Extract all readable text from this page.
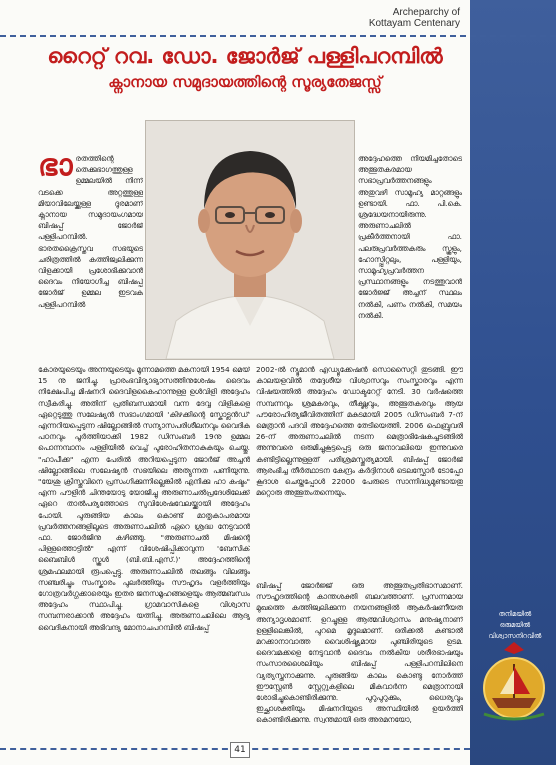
Archeparchy of
Kottayam Centenary
റൈറ്റ് റവ. ഡോ. ജോർജ് പള്ളിപറമ്പിൽ
ക്നാനായ സമുദായത്തിന്റെ സൂര്യതേജസ്സ്
ഭാരതത്തിന്റെ തെക്കുഭാഗത്തുള്ള ഉമ്മലയിൽ നിന്ന് വടക്കെ അറ്റത്തുള്ള മിയാവിലേയ്ക്കുള്ള ദൂരമാണ് ക്നാനായ സമുദായംഗമായ ബിഷപ്പ് ജോർജ് പള്ളിപറമ്പിൽ. ഭാരതക്രൈസ്തവ സഭയുടെ ചരിത്രത്തിൽ കത്തിജ്വലിക്കുന്ന വിളക്കായി പ്രശോഭിക്കുവാൻ ദൈവം നിയോഗിച്ച ബിഷപ്പ് ജോർജ് ഉമ്മല ഇടവക പള്ളിപറമ്പിൽ

കോരയുടെയും അന്നയുടെയും മൂന്നാമത്തെ മകനായി 1954 മെയ് 15 നു ജനിച്ചു. പ്രാരംഭവിദ്യാഭ്യാസത്തിനുശേഷം ദൈവം നിക്ഷേപിച്ച മിഷനറി ദൈവിളകൈഹാന്നുള്ള ഉൾവിളി അദ്ദേഹം സ്വീകരിച്ചു. അതിന് പ്രതിബന്ധമായി വന്ന ദേവ്വ വിളികളെ ഏറ്റെടുത്തു സലേഷ്യൻ സഭാംഗമായി 'കിഴക്കിന്റെ സ്കോട്ലൻഡ്' എന്നറിയപ്പെടുന്ന ഷില്ലോങ്ങിൽ സന്യാസപരിശീലനവും വൈദിക പഠനവും പൂർത്തിയാക്കി 1982 ഡിസംബർ 19നു ഉമ്മല പൊന്നമ്പാനം പള്ളിയിൽ വെച്ച് പുരോഹിതനാകുകയും ചെയ്തു. "ഹാപീക്ക" എന്ന പേരിൽ അറിയപ്പെടുന്ന ജോർജ് അച്ചൻ ഷില്ലോങ്ങിലെ സലേഷ്യൻ സഭയിലെ അത്യുന്നത പണിയുന്നു. "യേശു ക്രിസ്തുവിനെ പ്രസംഗിക്കുന്നില്ലെങ്കിൽ എനിക്കു ഹാ കഷ്ടം" എന്ന പൗളിൻ ചിന്തയോടു യോജിച്ചു അരുണാചൽപ്രദേശിലേക്ക് ഏറെ താൽപര്യത്തോടെ സുവിശേഷവേലയ്ക്കായി അദ്ദേഹം പോയി. പുരുങ്ങിയ കാലം കൊണ്ട് മാതൃകാപരമായ പ്രവർത്തനങ്ങളിലൂടെ അരുണാചലിൽ ഏറെ ശ്രദ്ധ നേടുവാൻ ഫാ. ജോർജിനു കഴിഞ്ഞു. "അരുണാചൽ മിഷന്റെ പിള്ളത്തൊട്ടിൽ" എന്ന് വിശേഷിപ്പിക്കാവുന്ന 'ബേസിക് ബൈബിൾ സ്കൂൾ (ബി.ബി.എസ്.)' അദ്ദേഹത്തിന്റെ ശ്രമഫലമായി രൂപപ്പെട്ടു. അരുണാചലിൽ തലങ്ങും വിലങ്ങും സഞ്ചരിച്ചും സംസ്കാരം പുലർത്തിയും സൗഹൃദം വളർത്തിയും ഗോത്രവർഗ്ഗക്കാരെയും ഇതര ജനസമൂഹങ്ങളെയും ആത്മബന്ധം അദ്ദേഹം സ്ഥാപിച്ചു. ഗ്രാമവാസികളെ വിശ്വാസ സമ്പന്നരാക്കാൻ അദ്ദേഹം യത്നിച്ചു. അരുണാചലിലെ ആദ്യ വൈദികനായി അഭിവന്ദ്യ മോനാചപറമ്പിൽ ബിഷപ്പ്

അദ്ദേഹത്തെ നിയമിച്ചതോടെ അത്ഭുതകരമായ സഭാപ്രവർത്തനങ്ങളും അതുവഴി സാമൂഹ്യ മാറ്റങ്ങളും ഉണ്ടായി. ഫാ. പി.കെ. ശ്രദ്ധേയനായിരുന്നു. അരുണാചലിൽ പ്രകീർത്തനായി ഫാ. പലരുപ്രവർത്തകരും സ്കൂളും, ഹോസ്പ്പിറ്റലും, പള്ളിയും, സാമൂഹ്യപ്രവർത്തന പ്രസ്ഥാനങ്ങളും നടത്തുവാൻ ജോർജ്ജ് അച്ചന് സ്ഥലം നൽകി, പണം നൽകി, സമയം നൽകി.

2002-ൽ ന്യൂമാൻ എഡ്യൂക്കേഷൻ സൊസൈറ്റി തുടങ്ങി. ഈ കാലയളവിൽ തദ്ദേശീയ വിശ്വാസവും സംസ്കാരവും എന്ന വിഷയത്തിൽ അദ്ദേഹം ഡോക്ടറേറ്റ് നേടി. 30 വർഷത്തെ സമ്പന്നവും ശ്രമകരവും, തീക്ഷ്ണവും, അത്ഭുതകരവും ആയ പൗരോഹിത്യജീവിതത്തിന് മകുടമായി 2005 ഡിസംബർ 7-ന് മെത്രാൻ പദവി അദ്ദേഹത്തെ തേടിയെത്തി. 2006 ഫെബ്രുവരി 26-ന് അരുണാചലിൽ നടന്ന മെത്രാഭിഷേകച്ചടങ്ങിൽ അന്നുവരെ ഒരുമിച്ചുകൂട്ടപ്പെട്ട ഒരു ജനാവലിയെ ഇന്നുവരെ കണ്ടിട്ടില്ലെന്നുള്ളത് പരിശ്രമസ്തുത്യമായി. ബിഷപ്പ് ജോർജ് ആരംഭിച്ച തീർത്ഥാടന കേന്ദ്രം കർദ്ദിനാൾ ടെലസ്ഫോർ ടോപ്പോ കൂദാശ ചെയ്തപ്പോൾ 22000 പേരുടെ സാന്നിദ്ധ്യമുണ്ടായതു മറ്റൊരു അത്ഭുതംതന്നെയും.

ബിഷപ്പ് ജോർജ്ജ് ഒരു അത്ഭുതപ്രതിഭാസമാണ്. സൗഹൃദത്തിന്റെ കാന്തശക്തി ബലവത്താണ്. പ്രസന്നമായ മുഖത്തെ കത്തിജ്വലിക്കുന്ന നയനങ്ങളിൽ ആകർഷണീയത അന്യാദൃശമാണ്. ഉറച്ചുള്ള ആത്മവിശ്വാസം മനുഷ്യനാണ് ഉള്ളിലെങ്കിൽ, പുറമെ മൃദുലമാണ്. ഒരിക്കൽ കണ്ടാൽ മറക്കാനാവാത്ത വൈശിഷ്ട്യമായ പുഞ്ചിരിയുടെ ഉടമ. ദൈവമക്കളെ നേടുവാൻ ദൈവം നൽകിയ ശരീരഭാഷയും സംസാരശൈലിയും ബിഷപ്പ് പള്ളിപറമ്പിലിനെ വ്യത്യസ്തനാക്കുന്നു. പുരുങ്ങിയ കാലം കൊണ്ടു നോർത്ത് ഈസ്റ്റേൺ സ്റ്റേറ്റുകളിലെ മികവാർന്ന മെത്രാനായി ശോഭിച്ചുകൊണ്ടിരിക്കുന്നു. പുറുപുറുക്കും, ധൈര്യവും ഇച്ഛാശക്തിയും മിഷനറിയുടെ അസ്ഥിയിൽ ഉയർത്തി കൊണ്ടിരിക്കുന്നു. സ്വന്തമായി ഒരു അരമനയോ,

41
തനിമയിൽ
ഒരുമയിൽ
വിശ്വാസനിറവിൽ
